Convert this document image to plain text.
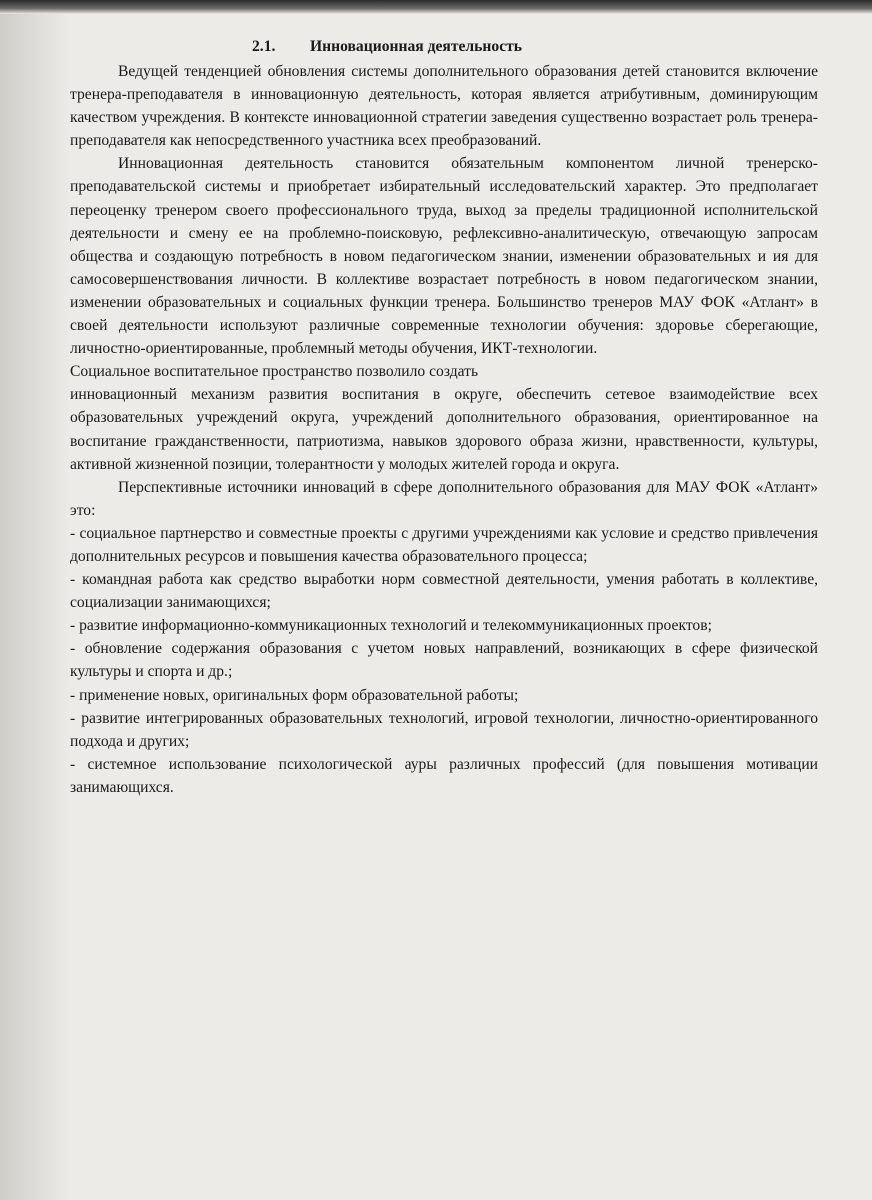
2.1. Инновационная деятельность

Ведущей тенденцией обновления системы дополнительного образования детей становится включение тренера-преподавателя в инновационную деятельность, которая является атрибутивным, доминирующим качеством учреждения. В контексте инновационной стратегии заведения существенно возрастает роль тренера-преподавателя как непосредственного участника всех преобразований.

Инновационная деятельность становится обязательным компонентом личной тренерско-преподавательской системы и приобретает избирательный исследовательский характер. Это предполагает переоценку тренером своего профессионального труда, выход за пределы традиционной исполнительской деятельности и смену ее на проблемно-поисковую, рефлексивно-аналитическую, отвечающую запросам общества и создающую потребность в новом педагогическом знании, изменении образовательных и ия для самосовершенствования личности. В коллективе возрастает потребность в новом педагогическом знании, изменении образовательных и социальных функции тренера. Большинство тренеров МАУ ФОК «Атлант» в своей деятельности используют различные современные технологии обучения: здоровье сберегающие, личностно-ориентированные, проблемный методы обучения, ИКТ-технологии.

Социальное воспитательное пространство позволило создать

инновационный механизм развития воспитания в округе, обеспечить сетевое взаимодействие всех образовательных учреждений округа, учреждений дополнительного образования, ориентированное на воспитание гражданственности, патриотизма, навыков здорового образа жизни, нравственности, культуры, активной жизненной позиции, толерантности у молодых жителей города и округа.

Перспективные источники инноваций в сфере дополнительного образования для МАУ ФОК «Атлант» это:

- социальное партнерство и совместные проекты с другими учреждениями как условие и средство привлечения дополнительных ресурсов и повышения качества образовательного процесса;
- командная работа как средство выработки норм совместной деятельности, умения работать в коллективе, социализации занимающихся;
- развитие информационно-коммуникационных технологий и телекоммуникационных проектов;
- обновление содержания образования с учетом новых направлений, возникающих в сфере физической культуры и спорта и др.;
- применение новых, оригинальных форм образовательной работы;
- развитие интегрированных образовательных технологий, игровой технологии, личностно-ориентированного подхода и других;
- системное использование психологической ауры различных профессий (для повышения мотивации занимающихся.
